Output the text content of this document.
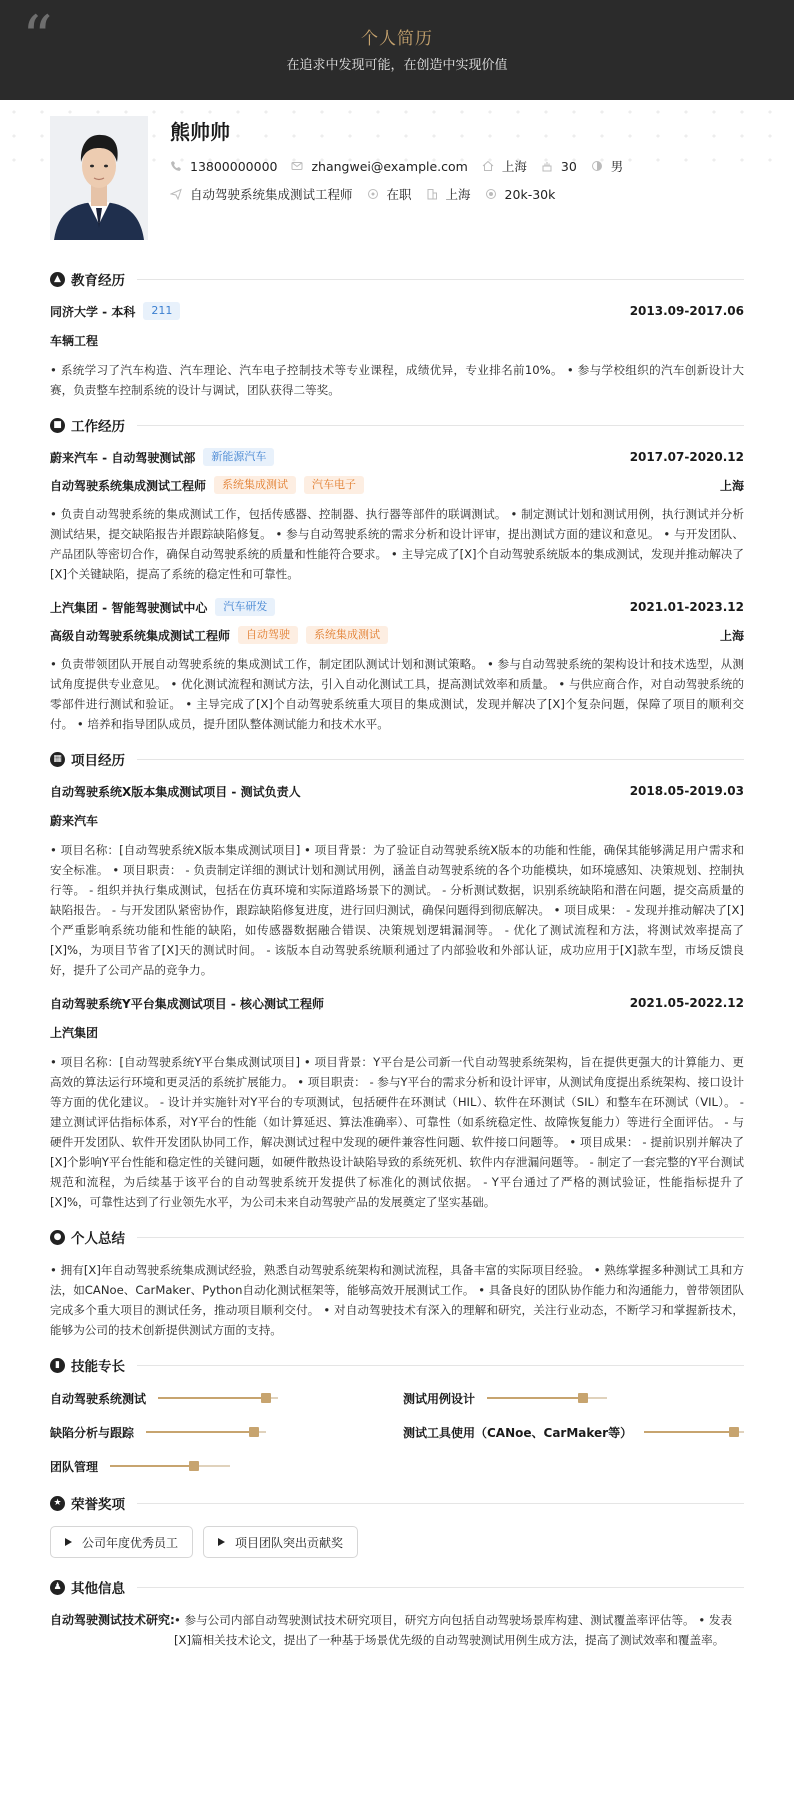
“	个人简历
在追求中发现可能，在创造中实现价值
熊帅帅
13800000000	zhangwei@example.com	上海	30	男
自动驾驶系统集成测试工程师	在职	上海	20k-30k
▲ 教育经历
同济大学 - 本科	211	2013.09-2017.06
车辆工程
• 系统学习了汽车构造、汽车理论、汽车电子控制技术等专业课程，成绩优异，专业排名前10%。 • 参与学校组织的汽车创新设计大赛，负责整车控制系统的设计与调试，团队获得二等奖。
■ 工作经历
蔚来汽车 - 自动驾驶测试部	新能源汽车	2017.07-2020.12
自动驾驶系统集成测试工程师	系统集成测试	汽车电子	上海
• 负责自动驾驶系统的集成测试工作，包括传感器、控制器、执行器等部件的联调测试。 • 制定测试计划和测试用例，执行测试并分析测试结果，提交缺陷报告并跟踪缺陷修复。 • 参与自动驾驶系统的需求分析和设计评审，提出测试方面的建议和意见。 • 与开发团队、产品团队等密切合作，确保自动驾驶系统的质量和性能符合要求。 • 主导完成了[X]个自动驾驶系统版本的集成测试，发现并推动解决了[X]个关键缺陷，提高了系统的稳定性和可靠性。
上汽集团 - 智能驾驶测试中心	汽车研发	2021.01-2023.12
高级自动驾驶系统集成测试工程师	自动驾驶	系统集成测试	上海
• 负责带领团队开展自动驾驶系统的集成测试工作，制定团队测试计划和测试策略。 • 参与自动驾驶系统的架构设计和技术选型，从测试角度提供专业意见。 • 优化测试流程和测试方法，引入自动化测试工具，提高测试效率和质量。 • 与供应商合作，对自动驾驶系统的零部件进行测试和验证。 • 主导完成了[X]个自动驾驶系统重大项目的集成测试，发现并解决了[X]个复杂问题，保障了项目的顺利交付。 • 培养和指导团队成员，提升团队整体测试能力和技术水平。
▦ 项目经历
自动驾驶系统X版本集成测试项目 - 测试负责人	2018.05-2019.03
蔚来汽车
• 项目名称：[自动驾驶系统X版本集成测试项目] • 项目背景：为了验证自动驾驶系统X版本的功能和性能，确保其能够满足用户需求和安全标准。 • 项目职责： - 负责制定详细的测试计划和测试用例，涵盖自动驾驶系统的各个功能模块，如环境感知、决策规划、控制执行等。 - 组织并执行集成测试，包括在仿真环境和实际道路场景下的测试。 - 分析测试数据，识别系统缺陷和潜在问题，提交高质量的缺陷报告。 - 与开发团队紧密协作，跟踪缺陷修复进度，进行回归测试，确保问题得到彻底解决。 • 项目成果： - 发现并推动解决了[X]个严重影响系统功能和性能的缺陷，如传感器数据融合错误、决策规划逻辑漏洞等。 - 优化了测试流程和方法，将测试效率提高了[X]%，为项目节省了[X]天的测试时间。 - 该版本自动驾驶系统顺利通过了内部验收和外部认证，成功应用于[X]款车型，市场反馈良好，提升了公司产品的竞争力。
自动驾驶系统Y平台集成测试项目 - 核心测试工程师	2021.05-2022.12
上汽集团
• 项目名称：[自动驾驶系统Y平台集成测试项目] • 项目背景：Y平台是公司新一代自动驾驶系统架构，旨在提供更强大的计算能力、更高效的算法运行环境和更灵活的系统扩展能力。 • 项目职责： - 参与Y平台的需求分析和设计评审，从测试角度提出系统架构、接口设计等方面的优化建议。 - 设计并实施针对Y平台的专项测试，包括硬件在环测试（HIL）、软件在环测试（SIL）和整车在环测试（VIL）。 - 建立测试评估指标体系，对Y平台的性能（如计算延迟、算法准确率）、可靠性（如系统稳定性、故障恢复能力）等进行全面评估。 - 与硬件开发团队、软件开发团队协同工作，解决测试过程中发现的硬件兼容性问题、软件接口问题等。 • 项目成果： - 提前识别并解决了[X]个影响Y平台性能和稳定性的关键问题，如硬件散热设计缺陷导致的系统死机、软件内存泄漏问题等。 - 制定了一套完整的Y平台测试规范和流程，为后续基于该平台的自动驾驶系统开发提供了标准化的测试依据。 - Y平台通过了严格的测试验证，性能指标提升了[X]%，可靠性达到了行业领先水平，为公司未来自动驾驶产品的发展奠定了坚实基础。
● 个人总结
• 拥有[X]年自动驾驶系统集成测试经验，熟悉自动驾驶系统架构和测试流程，具备丰富的实际项目经验。 • 熟练掌握多种测试工具和方法，如CANoe、CarMaker、Python自动化测试框架等，能够高效开展测试工作。 • 具备良好的团队协作能力和沟通能力，曾带领团队完成多个重大项目的测试任务，推动项目顺利交付。 • 对自动驾驶技术有深入的理解和研究，关注行业动态，不断学习和掌握新技术，能够为公司的技术创新提供测试方面的支持。
▮ 技能专长
自动驾驶系统测试	测试用例设计
缺陷分析与跟踪	测试工具使用（CANoe、CarMaker等）
团队管理
★ 荣誉奖项
公司年度优秀员工	项目团队突出贡献奖
♟ 其他信息
自动驾驶测试技术研究: • 参与公司内部自动驾驶测试技术研究项目，研究方向包括自动驾驶场景库构建、测试覆盖率评估等。 • 发表[X]篇相关技术论文，提出了一种基于场景优先级的自动驾驶测试用例生成方法，提高了测试效率和覆盖率。
